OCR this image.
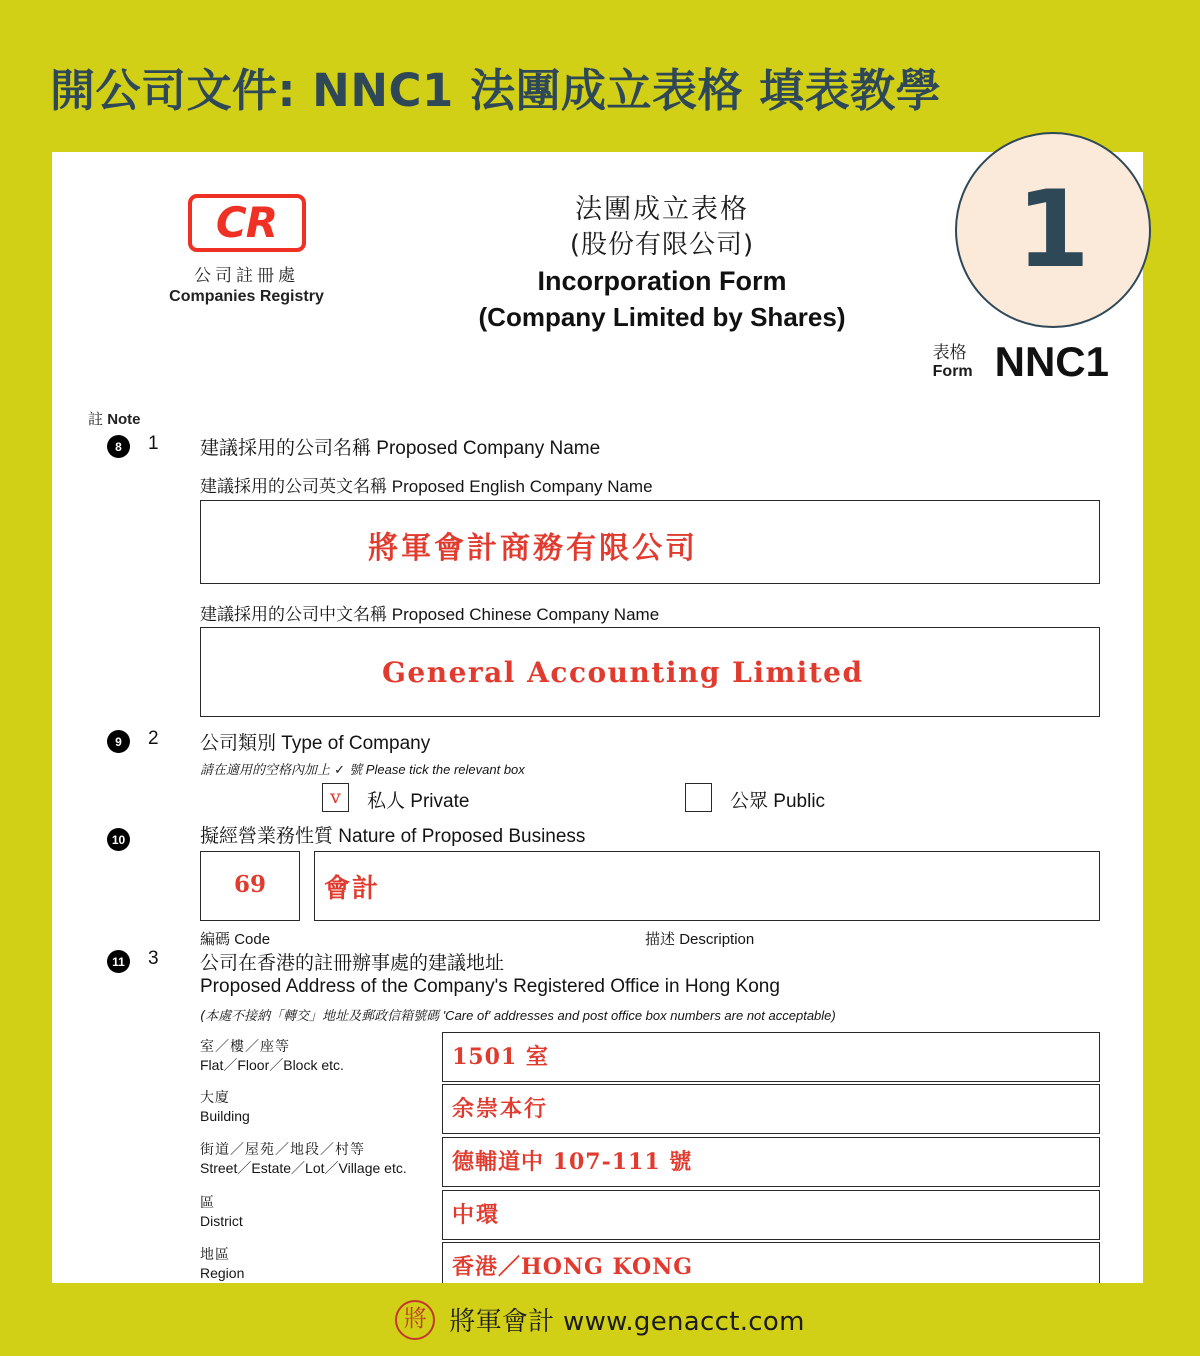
開公司文件: NNC1 法團成立表格 填表教學
1
CR
公司註冊處
Companies Registry
法團成立表格
(股份有限公司)
Incorporation Form
(Company Limited by Shares)
表格
Form NNC1
註 Note
8	1 建議採用的公司名稱 Proposed Company Name
建議採用的公司英文名稱 Proposed English Company Name
將軍會計商務有限公司
建議採用的公司中文名稱 Proposed Chinese Company Name
General Accounting Limited
9	2 公司類別 Type of Company
請在適用的空格內加上 ✓ 號 Please tick the relevant box
v	私人 Private	公眾 Public
10	擬經營業務性質 Nature of Proposed Business
69 會計
編碼 Code	描述 Description
11 3 公司在香港的註冊辦事處的建議地址
Proposed Address of the Company's Registered Office in Hong Kong
(本處不接納「轉交」地址及郵政信箱號碼 'Care of' addresses and post office box numbers are not acceptable)
室／樓／座等
Flat／Floor／Block etc.	1501 室
大廈
Building	余崇本行
街道／屋苑／地段／村等
Street／Estate／Lot／Village etc. 德輔道中 107-111 號
區
District	中環
地區
Region	香港／HONG KONG
將 將軍會計 www.genacct.com
